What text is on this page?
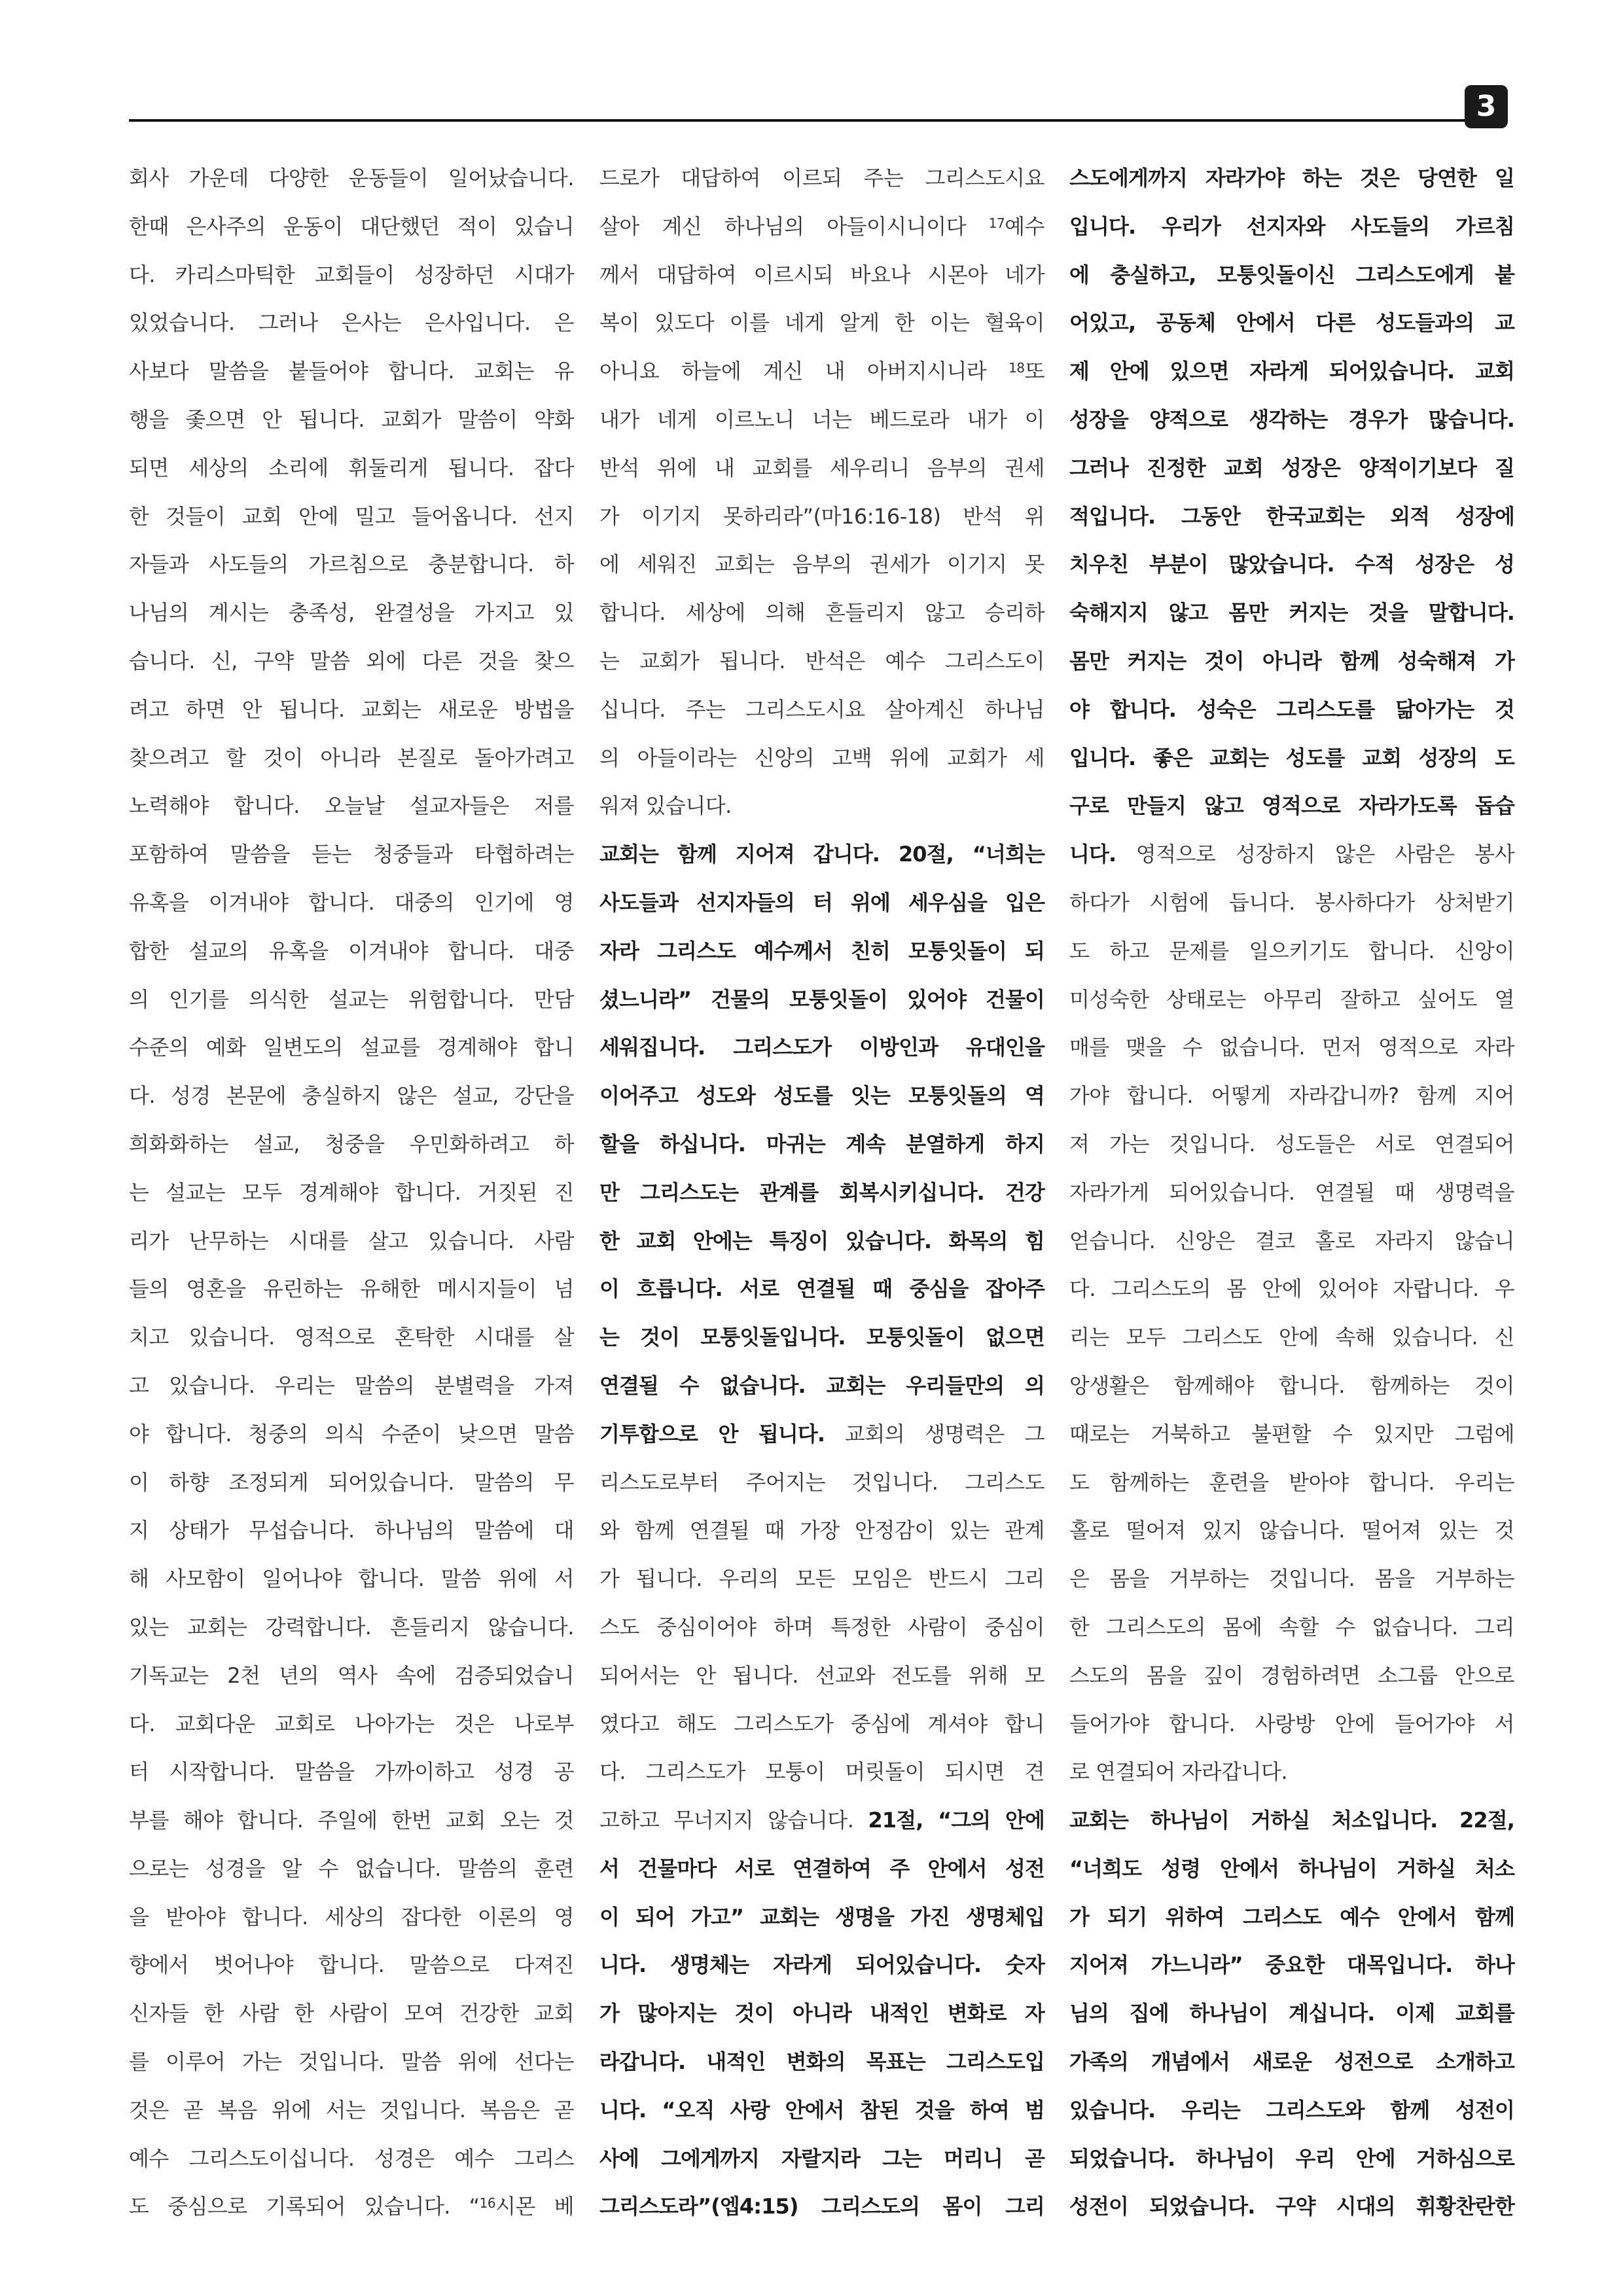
3
회사 가운데 다양한 운동들이 일어났습니다.
한때 은사주의 운동이 대단했던 적이 있습니
다. 카리스마틱한 교회들이 성장하던 시대가
있었습니다. 그러나 은사는 은사입니다. 은
사보다 말씀을 붙들어야 합니다. 교회는 유
행을 좇으면 안 됩니다. 교회가 말씀이 약화
되면 세상의 소리에 휘둘리게 됩니다. 잡다
한 것들이 교회 안에 밀고 들어옵니다. 선지
자들과 사도들의 가르침으로 충분합니다. 하
나님의 계시는 충족성, 완결성을 가지고 있
습니다. 신, 구약 말씀 외에 다른 것을 찾으
려고 하면 안 됩니다. 교회는 새로운 방법을
찾으려고 할 것이 아니라 본질로 돌아가려고
노력해야 합니다. 오늘날 설교자들은 저를
포함하여 말씀을 듣는 청중들과 타협하려는
유혹을 이겨내야 합니다. 대중의 인기에 영
합한 설교의 유혹을 이겨내야 합니다. 대중
의 인기를 의식한 설교는 위험합니다. 만담
수준의 예화 일변도의 설교를 경계해야 합니
다. 성경 본문에 충실하지 않은 설교, 강단을
희화화하는 설교, 청중을 우민화하려고 하
는 설교는 모두 경계해야 합니다. 거짓된 진
리가 난무하는 시대를 살고 있습니다. 사람
들의 영혼을 유린하는 유해한 메시지들이 넘
치고 있습니다. 영적으로 혼탁한 시대를 살
고 있습니다. 우리는 말씀의 분별력을 가져
야 합니다. 청중의 의식 수준이 낮으면 말씀
이 하향 조정되게 되어있습니다. 말씀의 무
지 상태가 무섭습니다. 하나님의 말씀에 대
해 사모함이 일어나야 합니다. 말씀 위에 서
있는 교회는 강력합니다. 흔들리지 않습니다.
기독교는 2천 년의 역사 속에 검증되었습니
다. 교회다운 교회로 나아가는 것은 나로부
터 시작합니다. 말씀을 가까이하고 성경 공
부를 해야 합니다. 주일에 한번 교회 오는 것
으로는 성경을 알 수 없습니다. 말씀의 훈련
을 받아야 합니다. 세상의 잡다한 이론의 영
향에서 벗어나야 합니다. 말씀으로 다져진
신자들 한 사람 한 사람이 모여 건강한 교회
를 이루어 가는 것입니다. 말씀 위에 선다는
것은 곧 복음 위에 서는 것입니다. 복음은 곧
예수 그리스도이십니다. 성경은 예수 그리스
도 중심으로 기록되어 있습니다. “$^{16}$시몬 베
드로가 대답하여 이르되 주는 그리스도시요
살아 계신 하나님의 아들이시니이다 $^{17}$예수
께서 대답하여 이르시되 바요나 시몬아 네가
복이 있도다 이를 네게 알게 한 이는 혈육이
아니요 하늘에 계신 내 아버지시니라 $^{18}$또
내가 네게 이르노니 너는 베드로라 내가 이
반석 위에 내 교회를 세우리니 음부의 권세
가 이기지 못하리라”(마16:16-18) 반석 위
에 세워진 교회는 음부의 권세가 이기지 못
합니다. 세상에 의해 흔들리지 않고 승리하
는 교회가 됩니다. 반석은 예수 그리스도이
십니다. 주는 그리스도시요 살아계신 하나님
의 아들이라는 신앙의 고백 위에 교회가 세
워져 있습니다.
교회는 함께 지어져 갑니다. 20절, “너희는
사도들과 선지자들의 터 위에 세우심을 입은
자라 그리스도 예수께서 친히 모퉁잇돌이 되
셨느니라” 건물의 모퉁잇돌이 있어야 건물이
세워집니다. 그리스도가 이방인과 유대인을
이어주고 성도와 성도를 잇는 모퉁잇돌의 역
할을 하십니다. 마귀는 계속 분열하게 하지
만 그리스도는 관계를 회복시키십니다. 건강
한 교회 안에는 특징이 있습니다. 화목의 힘
이 흐릅니다. 서로 연결될 때 중심을 잡아주
는 것이 모퉁잇돌입니다. 모퉁잇돌이 없으면
연결될 수 없습니다. 교회는 우리들만의 의
기투합으로 안 됩니다. 교회의 생명력은 그
리스도로부터 주어지는 것입니다. 그리스도
와 함께 연결될 때 가장 안정감이 있는 관계
가 됩니다. 우리의 모든 모임은 반드시 그리
스도 중심이어야 하며 특정한 사람이 중심이
되어서는 안 됩니다. 선교와 전도를 위해 모
였다고 해도 그리스도가 중심에 계셔야 합니
다. 그리스도가 모퉁이 머릿돌이 되시면 견
고하고 무너지지 않습니다. 21절, “그의 안에
서 건물마다 서로 연결하여 주 안에서 성전
이 되어 가고” 교회는 생명을 가진 생명체입
니다. 생명체는 자라게 되어있습니다. 숫자
가 많아지는 것이 아니라 내적인 변화로 자
라갑니다. 내적인 변화의 목표는 그리스도입
니다. “오직 사랑 안에서 참된 것을 하여 범
사에 그에게까지 자랄지라 그는 머리니 곧
그리스도라”(엡4:15) 그리스도의 몸이 그리
스도에게까지 자라가야 하는 것은 당연한 일
입니다. 우리가 선지자와 사도들의 가르침
에 충실하고, 모퉁잇돌이신 그리스도에게 붙
어있고, 공동체 안에서 다른 성도들과의 교
제 안에 있으면 자라게 되어있습니다. 교회
성장을 양적으로 생각하는 경우가 많습니다.
그러나 진정한 교회 성장은 양적이기보다 질
적입니다. 그동안 한국교회는 외적 성장에
치우친 부분이 많았습니다. 수적 성장은 성
숙해지지 않고 몸만 커지는 것을 말합니다.
몸만 커지는 것이 아니라 함께 성숙해져 가
야 합니다. 성숙은 그리스도를 닮아가는 것
입니다. 좋은 교회는 성도를 교회 성장의 도
구로 만들지 않고 영적으로 자라가도록 돕습
니다. 영적으로 성장하지 않은 사람은 봉사
하다가 시험에 듭니다. 봉사하다가 상처받기
도 하고 문제를 일으키기도 합니다. 신앙이
미성숙한 상태로는 아무리 잘하고 싶어도 열
매를 맺을 수 없습니다. 먼저 영적으로 자라
가야 합니다. 어떻게 자라갑니까? 함께 지어
져 가는 것입니다. 성도들은 서로 연결되어
자라가게 되어있습니다. 연결될 때 생명력을
얻습니다. 신앙은 결코 홀로 자라지 않습니
다. 그리스도의 몸 안에 있어야 자랍니다. 우
리는 모두 그리스도 안에 속해 있습니다. 신
앙생활은 함께해야 합니다. 함께하는 것이
때로는 거북하고 불편할 수 있지만 그럼에
도 함께하는 훈련을 받아야 합니다. 우리는
홀로 떨어져 있지 않습니다. 떨어져 있는 것
은 몸을 거부하는 것입니다. 몸을 거부하는
한 그리스도의 몸에 속할 수 없습니다. 그리
스도의 몸을 깊이 경험하려면 소그룹 안으로
들어가야 합니다. 사랑방 안에 들어가야 서
로 연결되어 자라갑니다.
교회는 하나님이 거하실 처소입니다. 22절,
“너희도 성령 안에서 하나님이 거하실 처소
가 되기 위하여 그리스도 예수 안에서 함께
지어져 가느니라” 중요한 대목입니다. 하나
님의 집에 하나님이 계십니다. 이제 교회를
가족의 개념에서 새로운 성전으로 소개하고
있습니다. 우리는 그리스도와 함께 성전이
되었습니다. 하나님이 우리 안에 거하심으로
성전이 되었습니다. 구약 시대의 휘황찬란한
